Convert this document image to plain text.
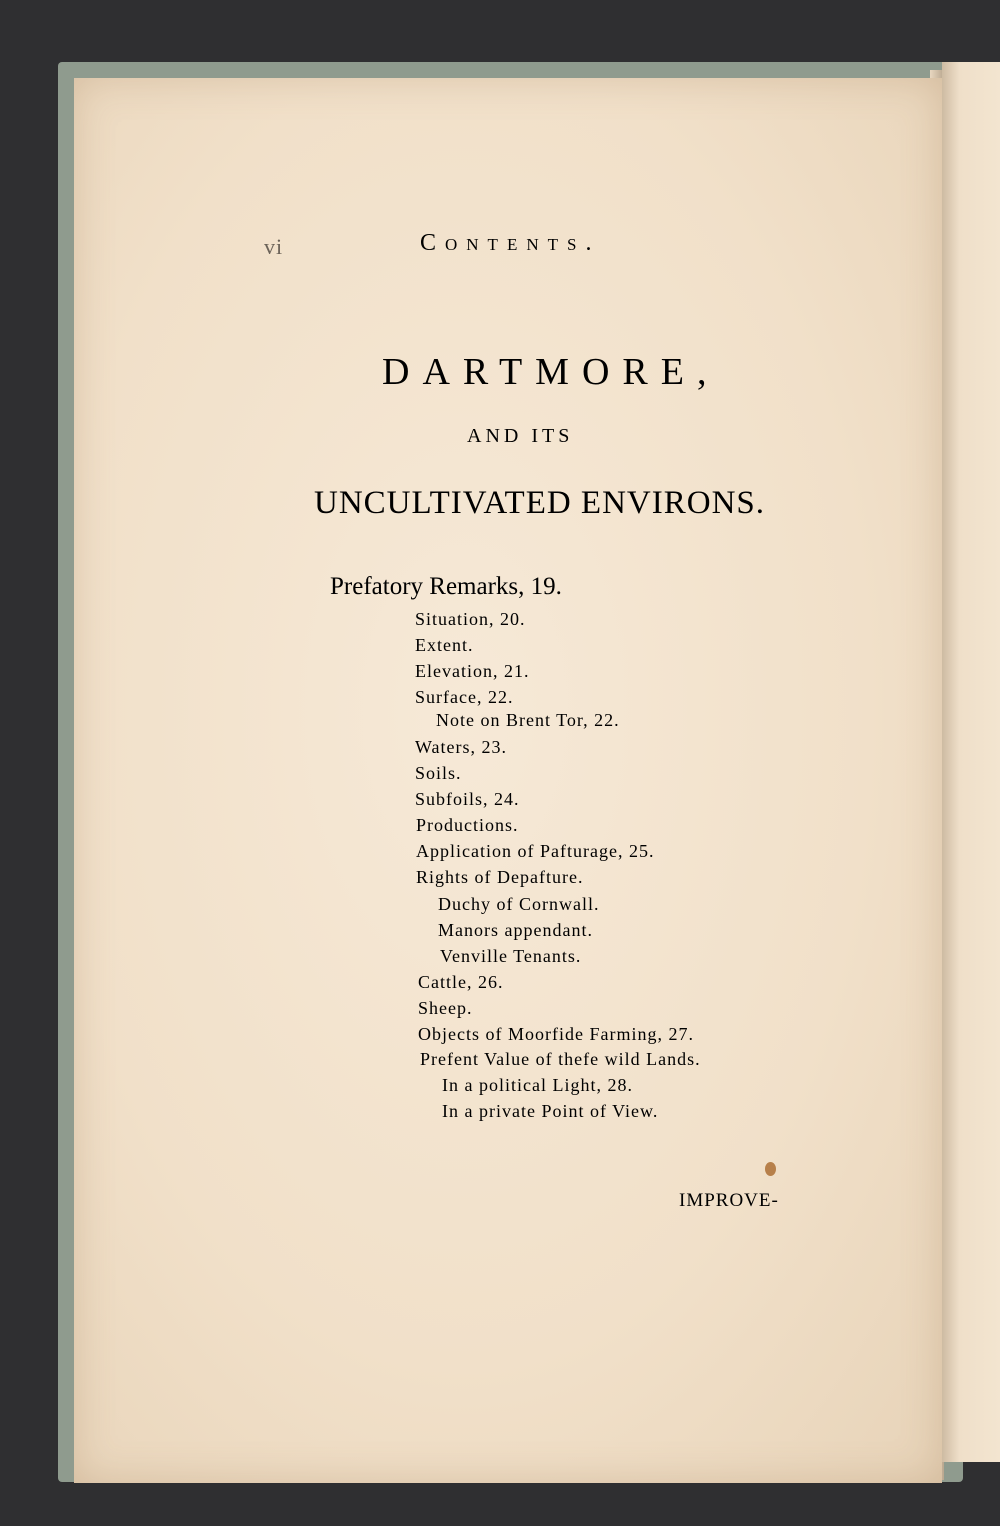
vi	Contents.
DARTMORE,
AND ITS
UNCULTIVATED ENVIRONS.
Prefatory Remarks, 19.
Situation, 20.
Extent.
Elevation, 21.
Surface, 22.
Note on Brent Tor, 22.
Waters, 23.
Soils.
Subfoils, 24.
Productions.
Application of Pafturage, 25.
Rights of Depafture.
Duchy of Cornwall.
Manors appendant.
Venville Tenants.
Cattle, 26.
Sheep.
Objects of Moorfide Farming, 27.
Prefent Value of thefe wild Lands.
In a political Light, 28.
In a private Point of View.
IMPROVE-
